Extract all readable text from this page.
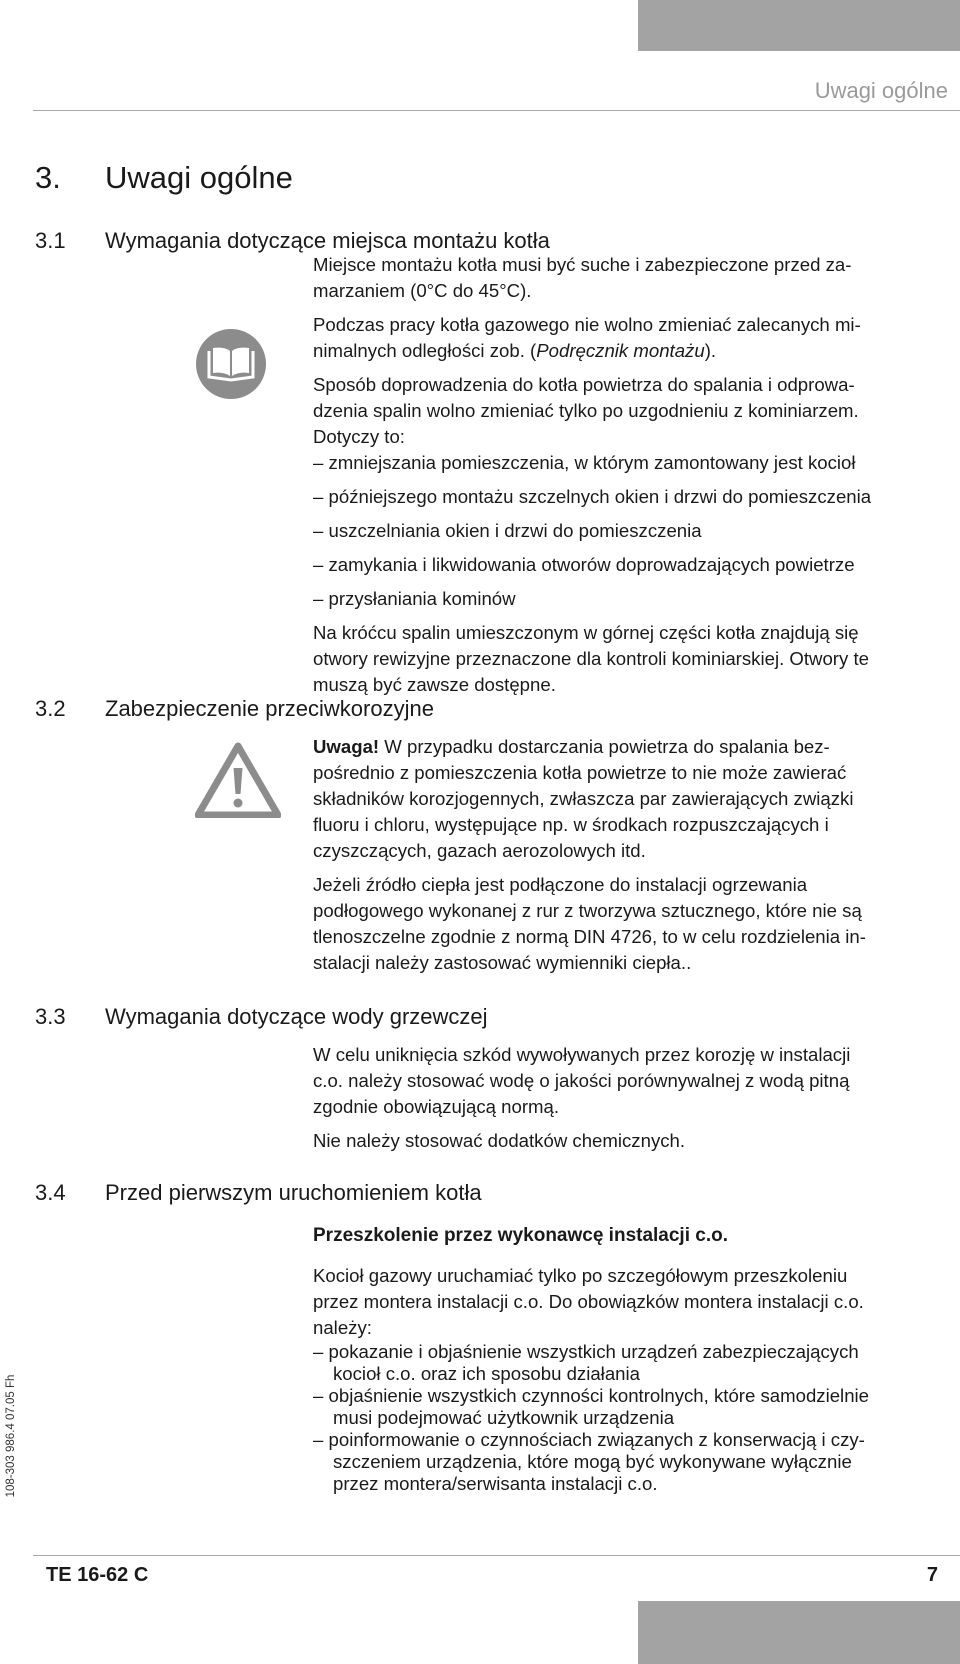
Uwagi ogólne
3. Uwagi ogólne
3.1 Wymagania dotyczące miejsca montażu kotła

Miejsce montażu kotła musi być suche i zabezpieczone przed za-

marzaniem (0°C do 45°C).

Podczas pracy kotła gazowego nie wolno zmieniać zalecanych mi-

nimalnych odległości zob. (Podręcznik montażu).

Sposób doprowadzenia do kotła powietrza do spalania i odprowa-

dzenia spalin wolno zmieniać tylko po uzgodnieniu z kominiarzem.

Dotyczy to:

– zmniejszania pomieszczenia, w którym zamontowany jest kocioł

– późniejszego montażu szczelnych okien i drzwi do pomieszczenia

– uszczelniania okien i drzwi do pomieszczenia

– zamykania i likwidowania otworów doprowadzających powietrze

– przysłaniania kominów

Na króćcu spalin umieszczonym w górnej części kotła znajdują się

otwory rewizyjne przeznaczone dla kontroli kominiarskiej. Otwory te

muszą być zawsze dostępne.

3.2 Zabezpieczenie przeciwkorozyjne

Uwaga! W przypadku dostarczania powietrza do spalania bez-

pośrednio z pomieszczenia kotła powietrze to nie może zawierać

składników korozjogennych, zwłaszcza par zawierających związki

fluoru i chloru, występujące np. w środkach rozpuszczających i

czyszczących, gazach aerozolowych itd.

Jeżeli źródło ciepła jest podłączone do instalacji ogrzewania

podłogowego wykonanej z rur z tworzywa sztucznego, które nie są

tlenoszczelne zgodnie z normą DIN 4726, to w celu rozdzielenia in-

stalacji należy zastosować wymienniki ciepła..

3.3 Wymagania dotyczące wody grzewczej

W celu uniknięcia szkód wywoływanych przez korozję w instalacji

c.o. należy stosować wodę o jakości porównywalnej z wodą pitną

zgodnie obowiązującą normą.

Nie należy stosować dodatków chemicznych.

3.4 Przed pierwszym uruchomieniem kotła

Przeszkolenie przez wykonawcę instalacji c.o.

Kocioł gazowy uruchamiać tylko po szczegółowym przeszkoleniu

przez montera instalacji c.o. Do obowiązków montera instalacji c.o.

należy:

– pokazanie i objaśnienie wszystkich urządzeń zabezpieczających
kocioł c.o. oraz ich sposobu działania
– objaśnienie wszystkich czynności kontrolnych, które samodzielnie
musi podejmować użytkownik urządzenia
– poinformowanie o czynnościach związanych z konserwacją i czy-
szczeniem urządzenia, które mogą być wykonywane wyłącznie
przez montera/serwisanta instalacji c.o.
108-303 986.4 07.05 Fh
TE 16-62 C	7
